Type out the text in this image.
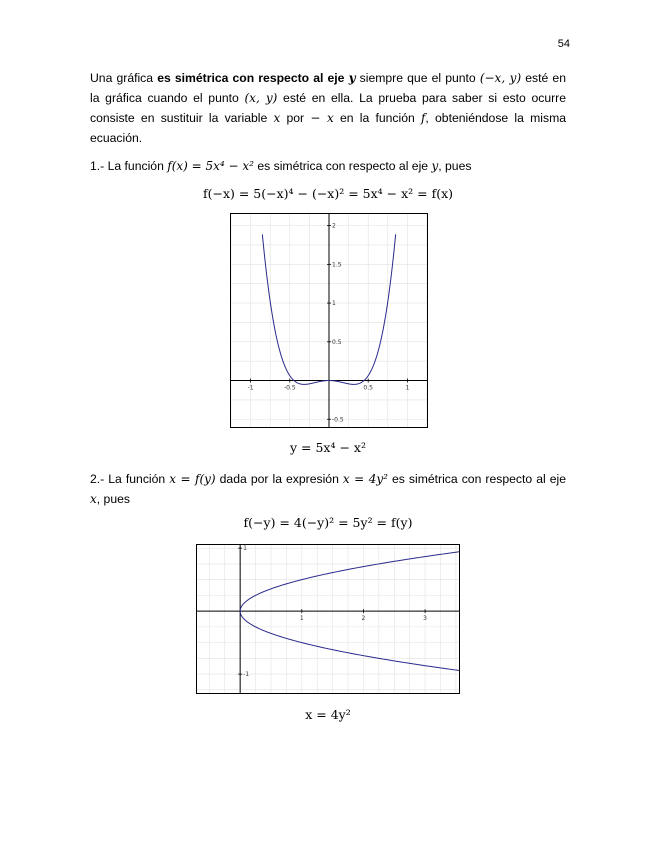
54

Una gráfica es simétrica con respecto al eje y siempre que el punto (−x, y) esté en la gráfica cuando el punto (x, y) esté en ella. La prueba para saber si esto ocurre consiste en sustituir la variable x por − x en la función f, obteniéndose la misma ecuación.

1.- La función f(x) = 5x⁴ − x² es simétrica con respecto al eje y, pues

f(−x) = 5(−x)⁴ − (−x)² = 5x⁴ − x² = f(x)
-1	-0.5	0.5	1
-0.5
0.5
1
1.5
2
y = 5x⁴ − x²

2.- La función x = f(y) dada por la expresión x = 4y² es simétrica con respecto al eje x, pues

f(−y) = 4(−y)² = 5y² = f(y)
1	2	3
-1
1
x = 4y²
